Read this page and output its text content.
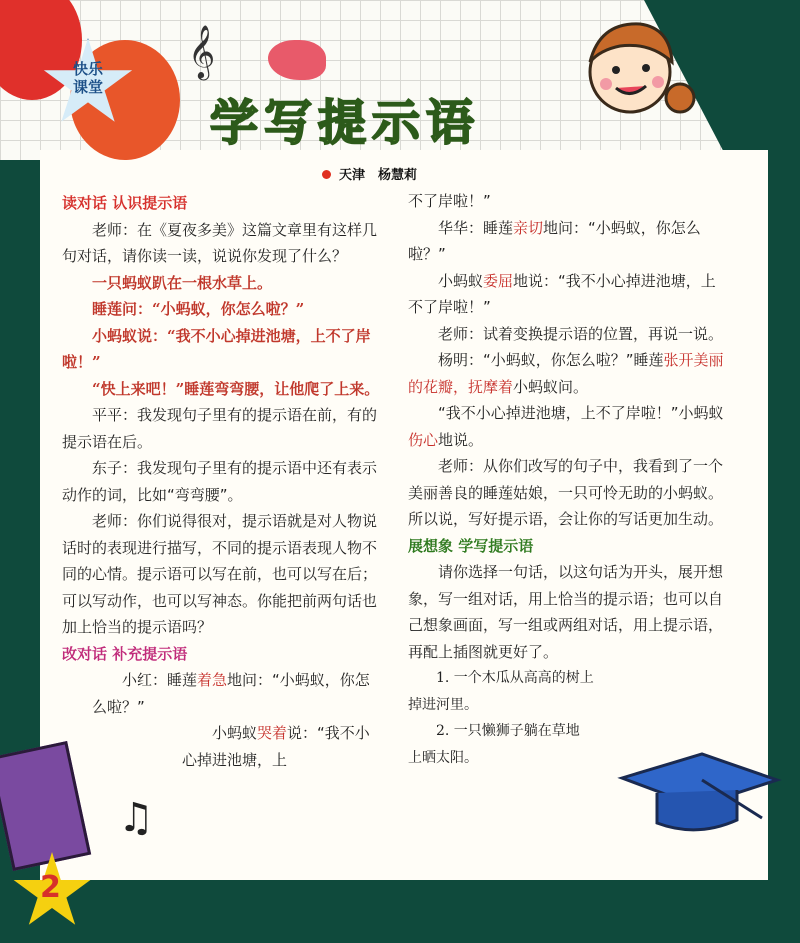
快乐
课堂
𝄞
学写提示语
天津　杨慧莉

读对话 认识提示语

老师：在《夏夜多美》这篇文章里有这样几句对话，请你读一读，说说你发现了什么？

一只蚂蚁趴在一根水草上。

睡莲问：“小蚂蚁，你怎么啦？”

小蚂蚁说：“我不小心掉进池塘，上不了岸啦！”

“快上来吧！”睡莲弯弯腰，让他爬了上来。

平平：我发现句子里有的提示语在前，有的提示语在后。

东子：我发现句子里有的提示语中还有表示动作的词，比如“弯弯腰”。

老师：你们说得很对，提示语就是对人物说话时的表现进行描写，不同的提示语表现人物不同的心情。提示语可以写在前，也可以写在后；可以写动作，也可以写神态。你能把前两句话也加上恰当的提示语吗？

改对话 补充提示语

小红：睡莲着急地问：“小蚂蚁，你怎么啦？”

小蚂蚁哭着说：“我不小心掉进池塘，上

不了岸啦！”

华华：睡莲亲切地问：“小蚂蚁，你怎么啦？”

小蚂蚁委屈地说：“我不小心掉进池塘，上不了岸啦！”

老师：试着变换提示语的位置，再说一说。

杨明：“小蚂蚁，你怎么啦？”睡莲张开美丽的花瓣，抚摩着小蚂蚁问。

“我不小心掉进池塘，上不了岸啦！”小蚂蚁伤心地说。

老师：从你们改写的句子中，我看到了一个美丽善良的睡莲姑娘，一只可怜无助的小蚂蚁。所以说，写好提示语，会让你的写话更加生动。

展想象 学写提示语

请你选择一句话，以这句话为开头，展开想象，写一组对话，用上恰当的提示语；也可以自己想象画面，写一组或两组对话，用上提示语，再配上插图就更好了。

1. 一个木瓜从高高的树上掉进河里。

2. 一只懒狮子躺在草地上晒太阳。

♫
2
